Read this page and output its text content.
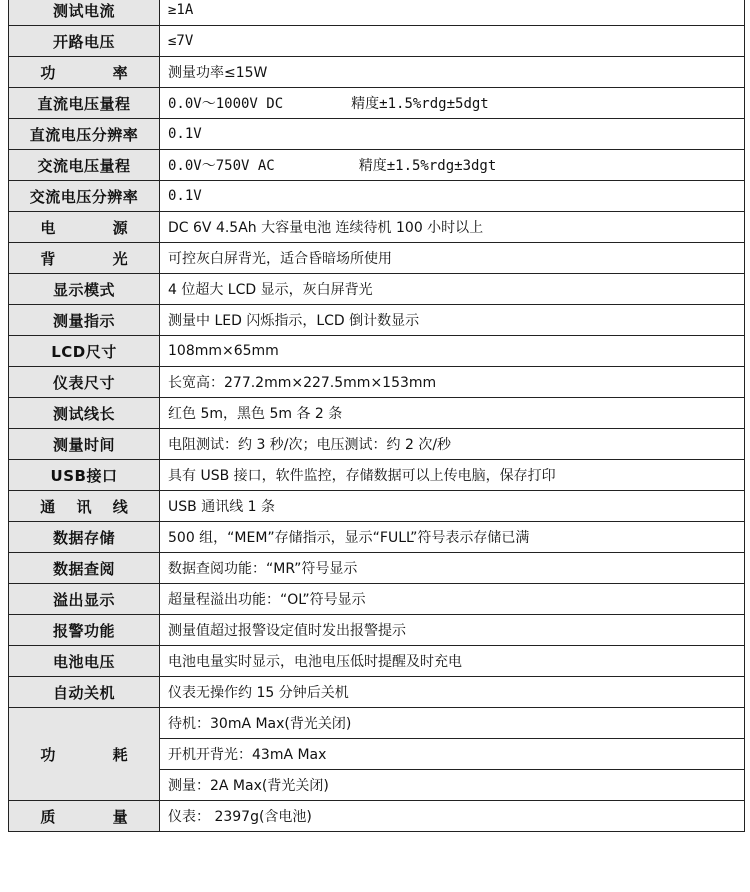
测试电流	≥1A
开路电压	≤7V
功 率	测量功率≤15W
直流电压量程	0.0V～1000V DC 精度±1.5%rdg±5dgt
直流电压分辨率	0.1V
交流电压量程	0.0V～750V AC 精度±1.5%rdg±3dgt
交流电压分辨率	0.1V
电 源	DC 6V 4.5Ah 大容量电池 连续待机 100 小时以上
背 光	可控灰白屏背光，适合昏暗场所使用
显示模式	4 位超大 LCD 显示，灰白屏背光
测量指示	测量中 LED 闪烁指示，LCD 倒计数显示
LCD尺寸	108mm×65mm
仪表尺寸	长宽高：277.2mm×227.5mm×153mm
测试线长	红色 5m，黑色 5m 各 2 条
测量时间	电阻测试：约 3 秒/次；电压测试：约 2 次/秒
USB接口	具有 USB 接口，软件监控，存储数据可以上传电脑，保存打印
通 讯 线	USB 通讯线 1 条
数据存储	500 组，“MEM”存储指示，显示“FULL”符号表示存储已满
数据查阅	数据查阅功能：“MR”符号显示
溢出显示	超量程溢出功能：“OL”符号显示
报警功能	测量值超过报警设定值时发出报警提示
电池电压	电池电量实时显示，电池电压低时提醒及时充电
自动关机	仪表无操作约 15 分钟后关机
功 耗	待机：30mA Max(背光关闭)
	开机开背光：43mA Max
	测量：2A Max(背光关闭)
质 量	仪表： 2397g(含电池)
